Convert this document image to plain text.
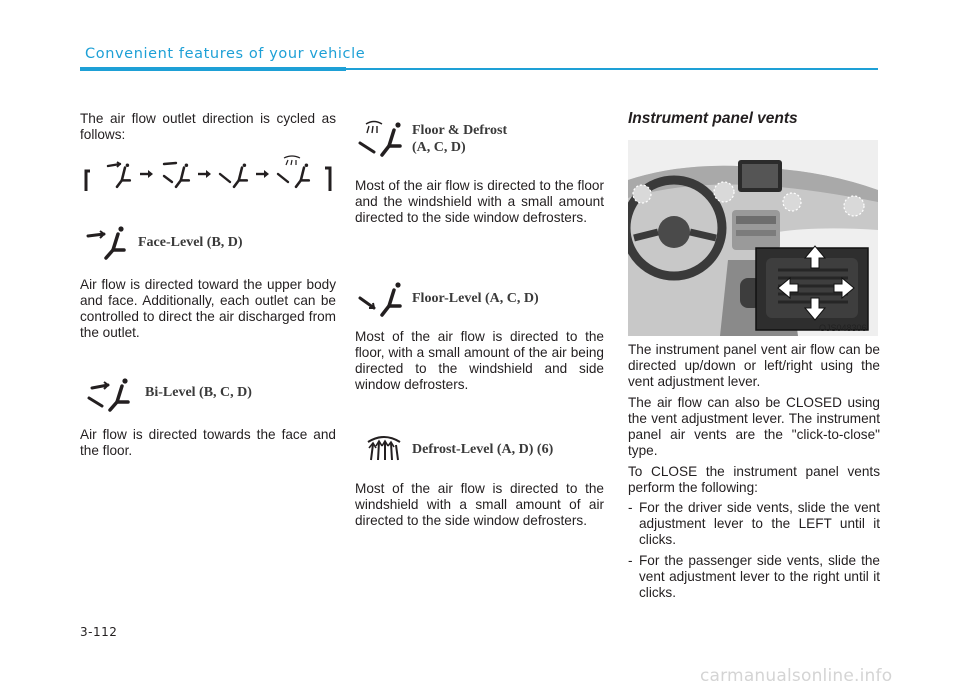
Convenient features of your vehicle
The air flow outlet direction is cycled as follows:
Face-Level (B, D)
Air flow is directed toward the upper body and face. Additionally, each outlet can be controlled to direct the air discharged from the outlet.
Bi-Level (B, C, D)
Air flow is directed towards the face and the floor.
Floor & Defrost
(A, C, D)
Most of the air flow is directed to the floor and the windshield with a small amount directed to the side window defrosters.
Floor-Level (A, C, D)
Most of the air flow is directed to the floor, with a small amount of the air being directed to the windshield and side window defrosters.
Defrost-Level (A, D) (6)
Most of the air flow is directed to the windshield with a small amount of air directed to the side window defrosters.
Instrument panel vents
OJS048306
The instrument panel vent air flow can be directed up/down or left/right using the vent adjustment lever.
The air flow can also be CLOSED using the vent adjustment lever. The instrument panel air vents are the "click-to-close" type.
To CLOSE the instrument panel vents perform the following:
- For the driver side vents, slide the vent adjustment lever to the LEFT until it clicks.
- For the passenger side vents, slide the vent adjustment lever to the right until it clicks.
3-112
carmanualsonline.info
